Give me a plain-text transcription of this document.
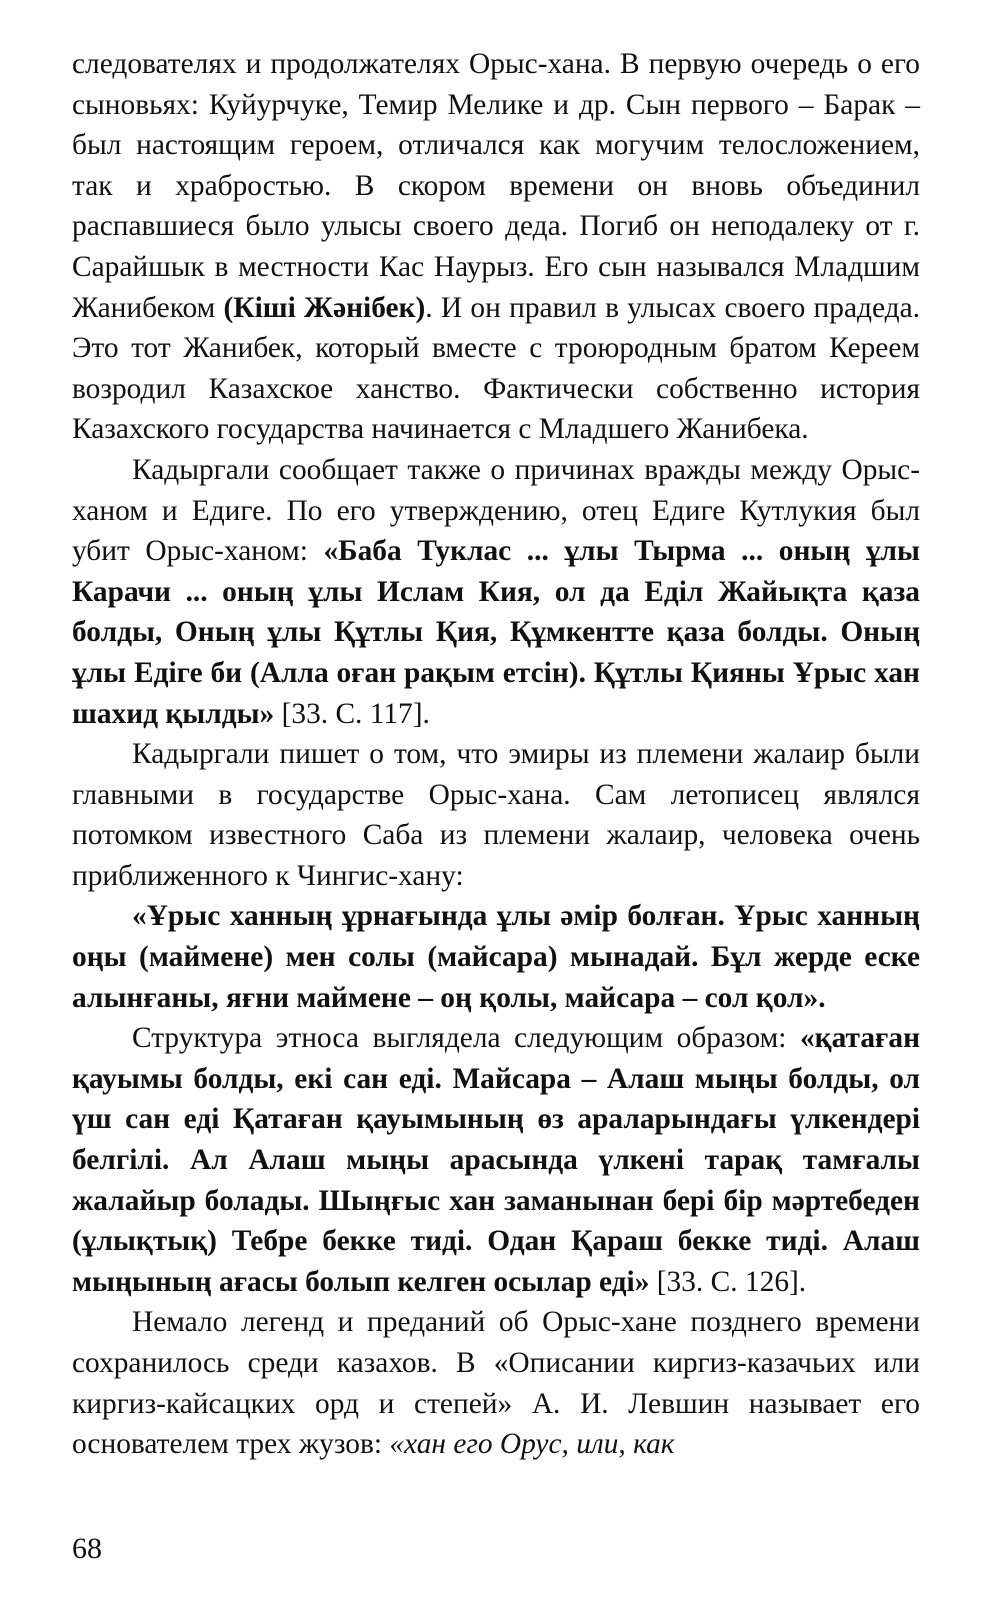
следователях и продолжателях Орыс-хана. В первую очередь о его сыновьях: Куйурчуке, Темир Мелике и др. Сын первого – Барак – был настоящим героем, отличался как могучим телосложением, так и храбростью. В скором времени он вновь объединил распавшиеся было улысы своего деда. Погиб он неподалеку от г. Сарайшык в местности Кас Наурыз. Его сын назывался Младшим Жанибеком (Кіші Жәнібек). И он правил в улысах своего прадеда. Это тот Жанибек, который вместе с троюродным братом Кереем возродил Казахское ханство. Фактически собственно история Казахского государства начинается с Младшего Жанибека.

Кадыргали сообщает также о причинах вражды между Орыс-ханом и Едиге. По его утверждению, отец Едиге Кутлукия был убит Орыс-ханом: «Баба Туклас ... ұлы Тырма ... оның ұлы Карачи ... оның ұлы Ислам Кия, ол да Еділ Жайықта қаза болды, Оның ұлы Құтлы Қия, Құмкентте қаза болды. Оның ұлы Едіге би (Алла оған рақым етсін). Құтлы Қияны Ұрыс хан шахид қылды» [33. С. 117].

Кадыргали пишет о том, что эмиры из племени жалаир были главными в государстве Орыс-хана. Сам летописец являлся потомком известного Саба из племени жалаир, человека очень приближенного к Чингис-хану:

«Ұрыс ханның ұрнағында ұлы әмір болған. Ұрыс ханның оңы (маймене) мен солы (майсара) мынадай. Бұл жерде еске алынғаны, яғни маймене – оң қолы, майсара – сол қол».

Структура этноса выглядела следующим образом: «қатаған қауымы болды, екі сан еді. Майсара – Алаш мыңы болды, ол үш сан еді Қатаған қауымының өз араларындағы үлкендері белгілі. Ал Алаш мыңы арасында үлкені тарақ тамғалы жалайыр болады. Шыңғыс хан заманынан бері бір мәртебеден (ұлықтық) Тебре бекке тиді. Одан Қараш бекке тиді. Алаш мыңының ағасы болып келген осылар еді» [33. С. 126].

Немало легенд и преданий об Орыс-хане позднего времени сохранилось среди казахов. В «Описании киргиз-казачьих или киргиз-кайсацких орд и степей» А. И. Левшин называет его основателем трех жузов: «хан его Орус, или, как

68
